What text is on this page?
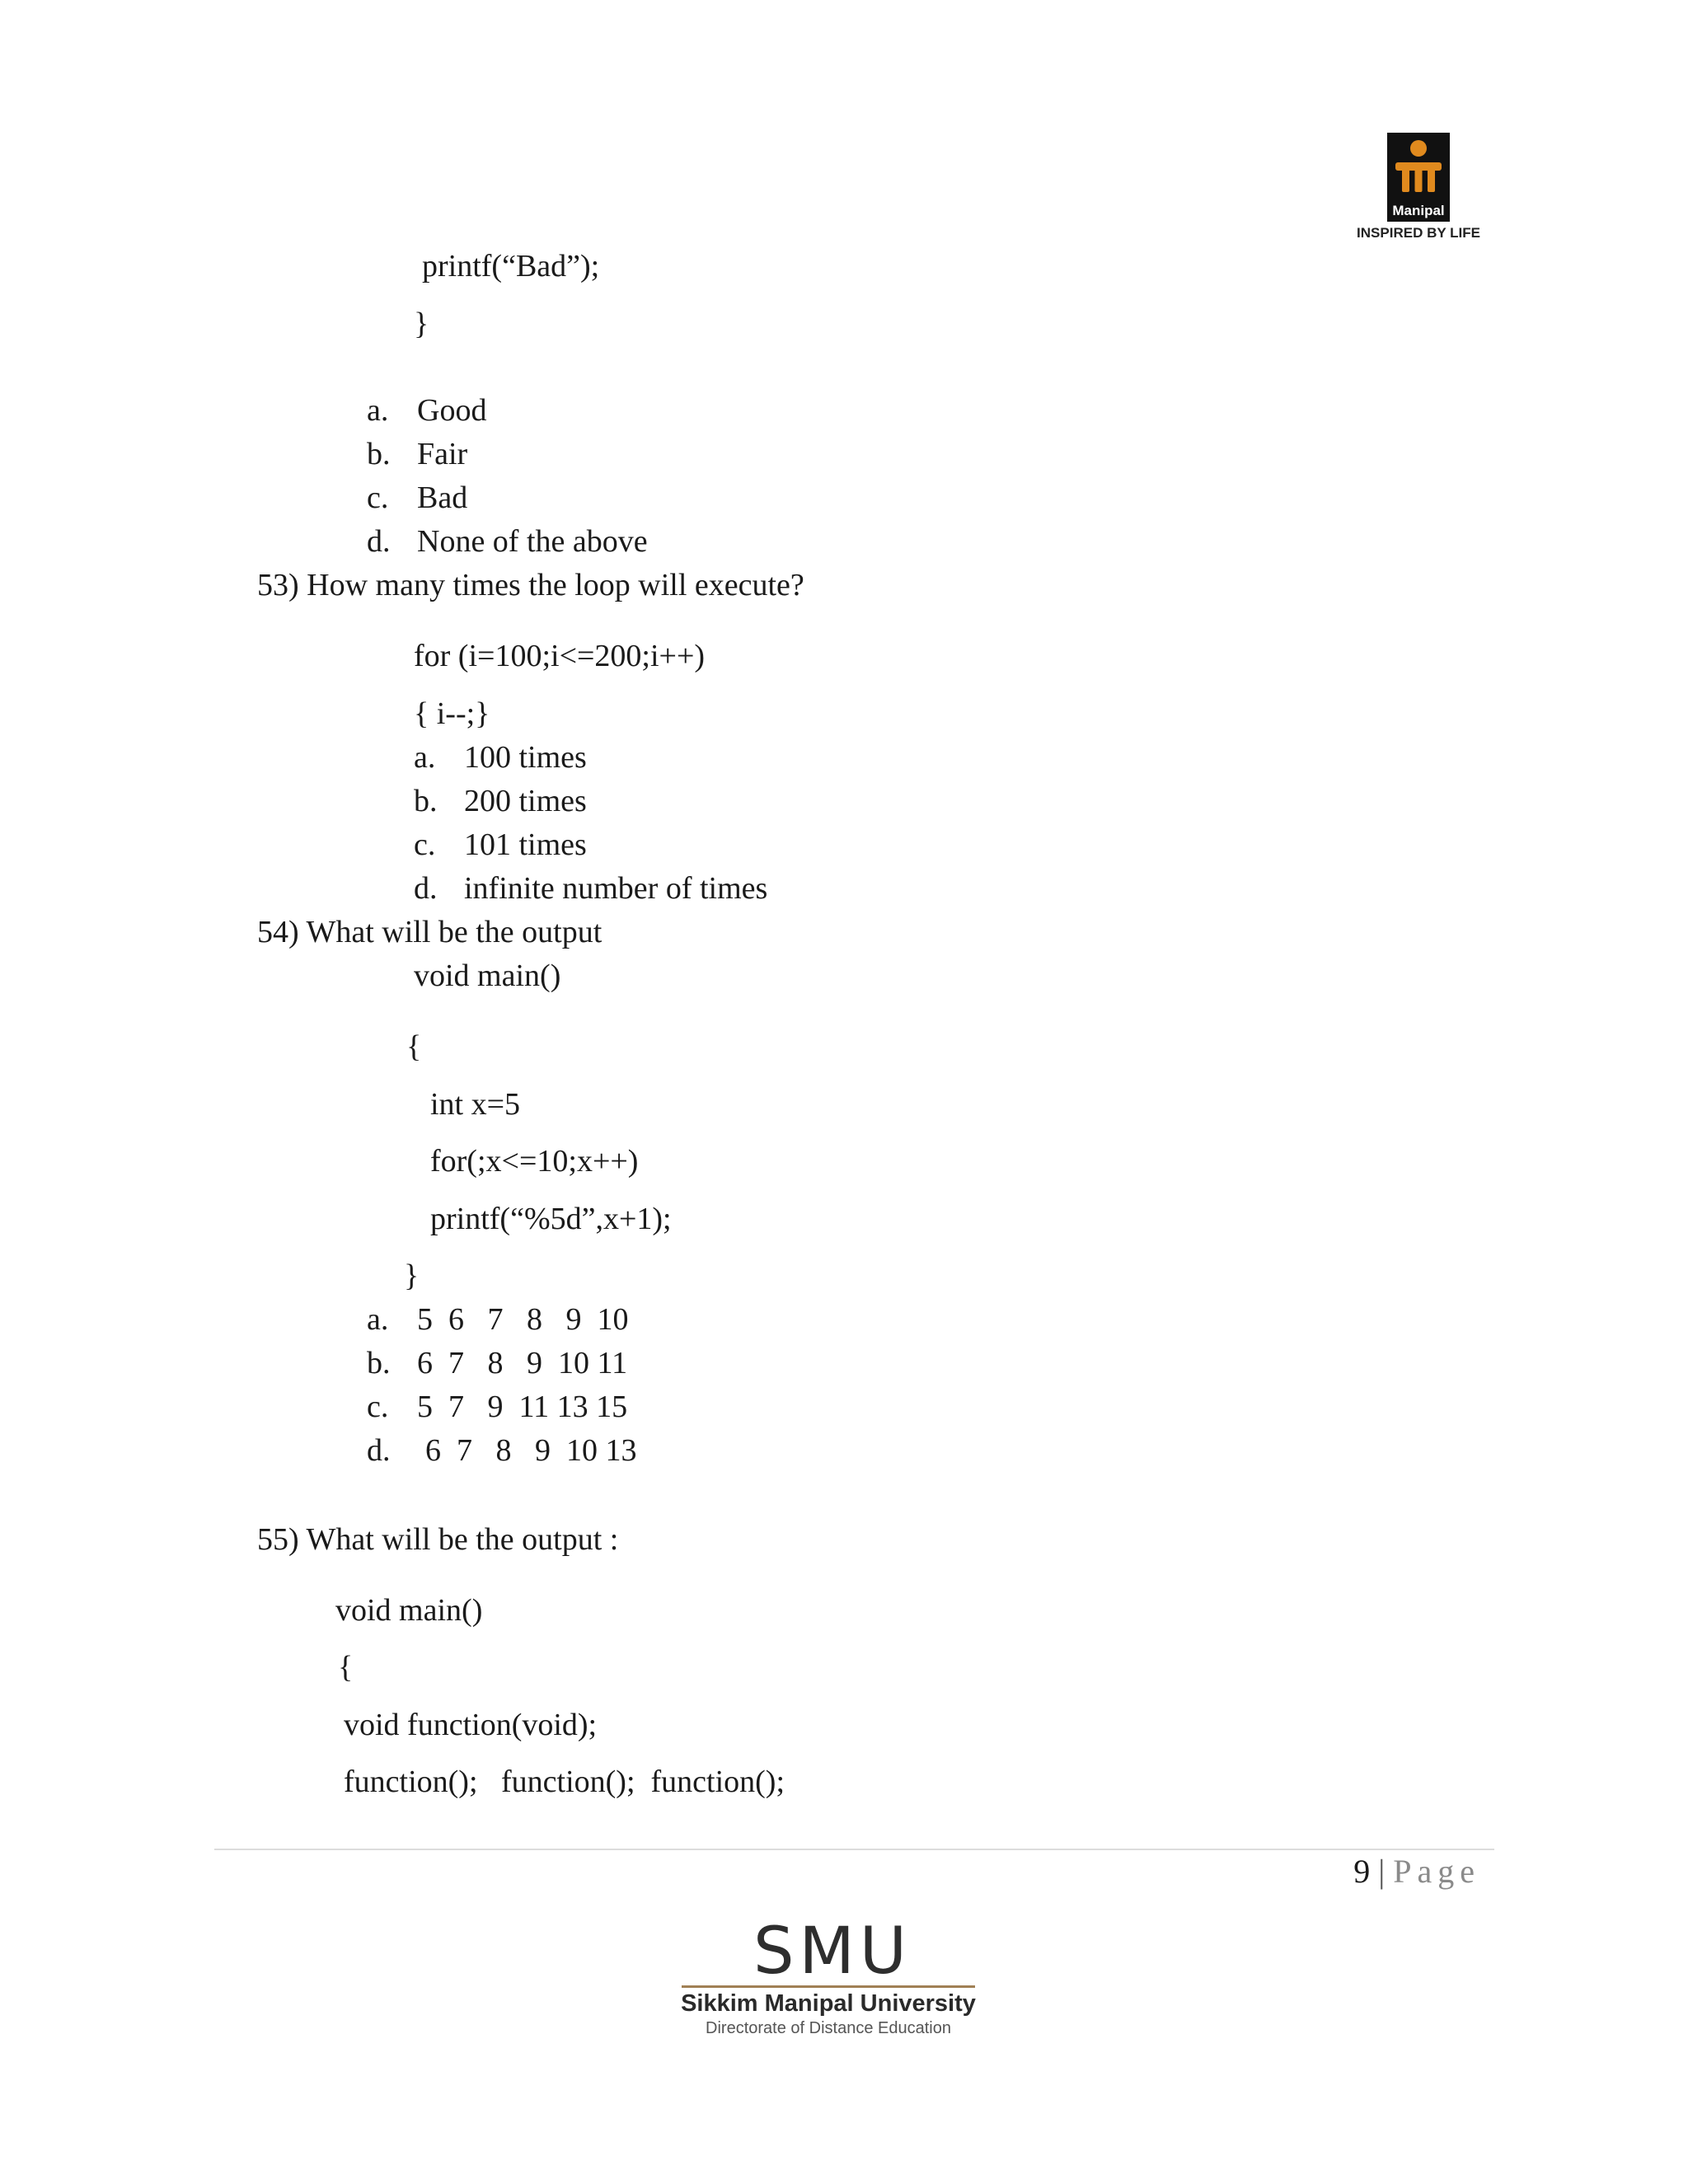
Manipal
INSPIRED BY LIFE
printf(“Bad”);
}
a. Good
b. Fair
c. Bad
d. None of the above
53) How many times the loop will execute?
for (i=100;i<=200;i++)
{ i--;}
a. 100 times
b. 200 times
c. 101 times
d. infinite number of times
54) What will be the output
void main()
{
int x=5
for(;x<=10;x++)
printf(“%5d”,x+1);
}
a. 5  6   7   8   9  10
b. 6  7   8   9  10 11
c. 5  7   9  11 13 15
d. 6  7   8   9  10 13
55) What will be the output :
void main()
{
void function(void);
function();   function();  function();
9 | Page
SMU
Sikkim Manipal University
Directorate of Distance Education
